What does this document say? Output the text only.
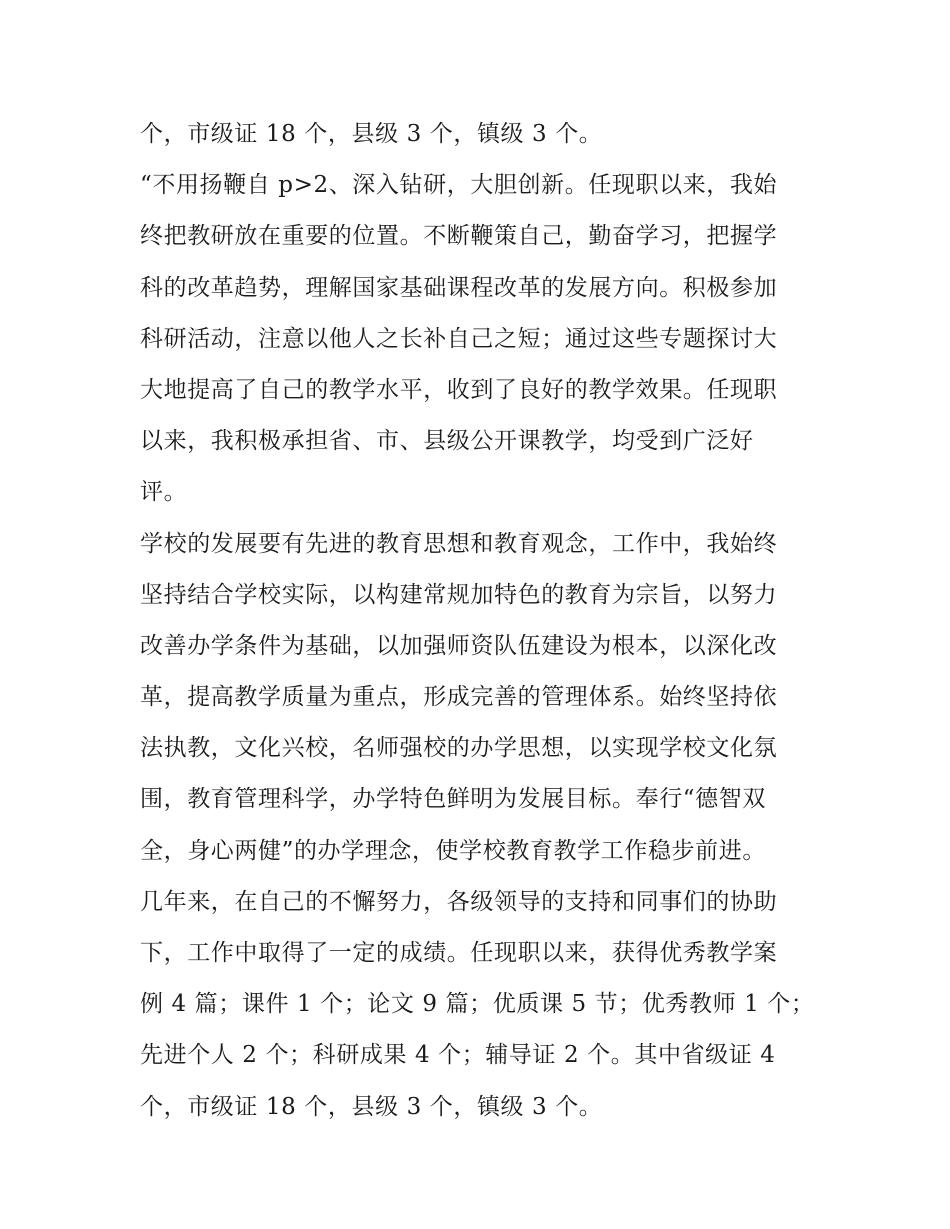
个，市级证 18 个，县级 3 个，镇级 3 个。
“不用扬鞭自 p>2、深入钻研，大胆创新。任现职以来，我始
终把教研放在重要的位置。不断鞭策自己，勤奋学习，把握学
科的改革趋势，理解国家基础课程改革的发展方向。积极参加
科研活动，注意以他人之长补自己之短；通过这些专题探讨大
大地提高了自己的教学水平，收到了良好的教学效果。任现职
以来，我积极承担省、市、县级公开课教学，均受到广泛好
评。
学校的发展要有先进的教育思想和教育观念，工作中，我始终
坚持结合学校实际，以构建常规加特色的教育为宗旨，以努力
改善办学条件为基础，以加强师资队伍建设为根本，以深化改
革，提高教学质量为重点，形成完善的管理体系。始终坚持依
法执教，文化兴校，名师强校的办学思想，以实现学校文化氛
围，教育管理科学，办学特色鲜明为发展目标。奉行“德智双
全，身心两健”的办学理念，使学校教育教学工作稳步前进。
几年来，在自己的不懈努力，各级领导的支持和同事们的协助
下，工作中取得了一定的成绩。任现职以来，获得优秀教学案
例 4 篇；课件 1 个；论文 9 篇；优质课 5 节；优秀教师 1 个；
先进个人 2 个；科研成果 4 个；辅导证 2 个。其中省级证 4
个，市级证 18 个，县级 3 个，镇级 3 个。
